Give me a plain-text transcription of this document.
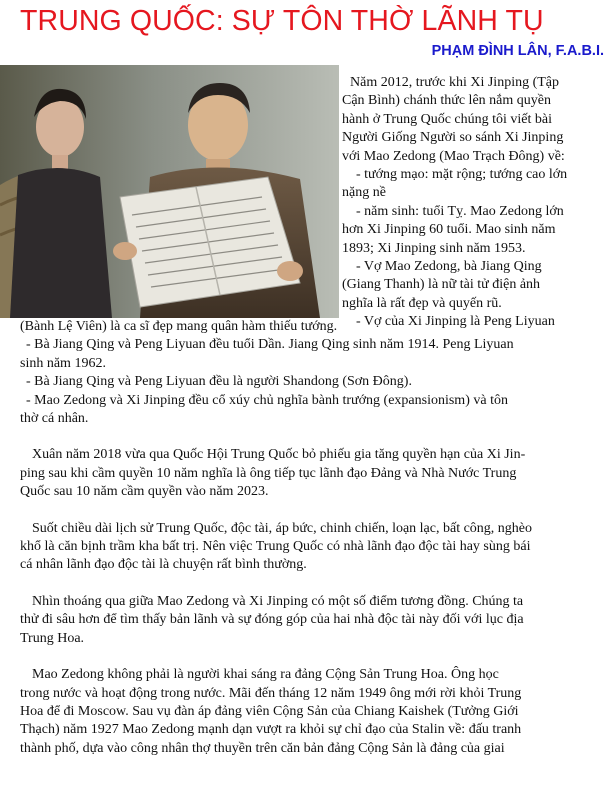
TRUNG QUỐC: SỰ TÔN THỜ LÃNH TỤ
PHẠM ĐÌNH LÂN, F.A.B.I.

Năm 2012, trước khi Xi Jinping (Tập

Cận Bình) chánh thức lên nắm quyền

hành ở Trung Quốc chúng tôi viết bài

Người Giống Người so sánh Xi Jinping

với Mao Zedong (Mao Trạch Đông) về:

- tướng mạo: mặt rộng; tướng cao lớn

nặng nề

- năm sinh: tuổi Tỵ. Mao Zedong lớn

hơn Xi Jinping 60 tuổi. Mao sinh năm

1893; Xi Jinping sinh năm 1953.

- Vợ Mao Zedong, bà Jiang Qing

(Giang Thanh) là nữ tài tử điện ảnh

nghĩa là rất đẹp và quyến rũ.

- Vợ của Xi Jinping là Peng Liyuan

(Bành Lệ Viên) là ca sĩ đẹp mang quân hàm thiếu tướng.

- Bà Jiang Qing và Peng Liyuan đều tuổi Dần. Jiang Qing sinh năm 1914. Peng Liyuan

sinh năm 1962.

- Bà Jiang Qing và Peng Liyuan đều là người Shandong (Sơn Đông).

- Mao Zedong và Xi Jinping đều cổ xúy chủ nghĩa bành trướng (expansionism) và tôn

thờ cá nhân.

Xuân năm 2018 vừa qua Quốc Hội Trung Quốc bỏ phiếu gia tăng quyền hạn của Xi Jin-

ping sau khi cầm quyền 10 năm nghĩa là ông tiếp tục lãnh đạo Đảng và Nhà Nước Trung

Quốc sau 10 năm cầm quyền vào năm 2023.

Suốt chiều dài lịch sử Trung Quốc, độc tài, áp bức, chinh chiến, loạn lạc, bất công, nghèo

khổ là căn bịnh trầm kha bất trị. Nên việc Trung Quốc có nhà lãnh đạo độc tài hay sùng bái

cá nhân lãnh đạo độc tài là chuyện rất bình thường.

Nhìn thoáng qua giữa Mao Zedong và Xi Jinping có một số điểm tương đồng. Chúng ta

thử đi sâu hơn để tìm thấy bản lãnh và sự đóng góp của hai nhà độc tài này đối với lục địa

Trung Hoa.

Mao Zedong không phải là người khai sáng ra đảng Cộng Sản Trung Hoa. Ông học

trong nước và hoạt động trong nước. Mãi đến tháng 12 năm 1949 ông mới rời khỏi Trung

Hoa để đi Moscow. Sau vụ đàn áp đảng viên Cộng Sản của Chiang Kaishek (Tưởng Giới

Thạch) năm 1927 Mao Zedong mạnh dạn vượt ra khỏi sự chỉ đạo của Stalin về: đấu tranh

thành phố, dựa vào công nhân thợ thuyền trên căn bản đảng Cộng Sản là đảng của giai
